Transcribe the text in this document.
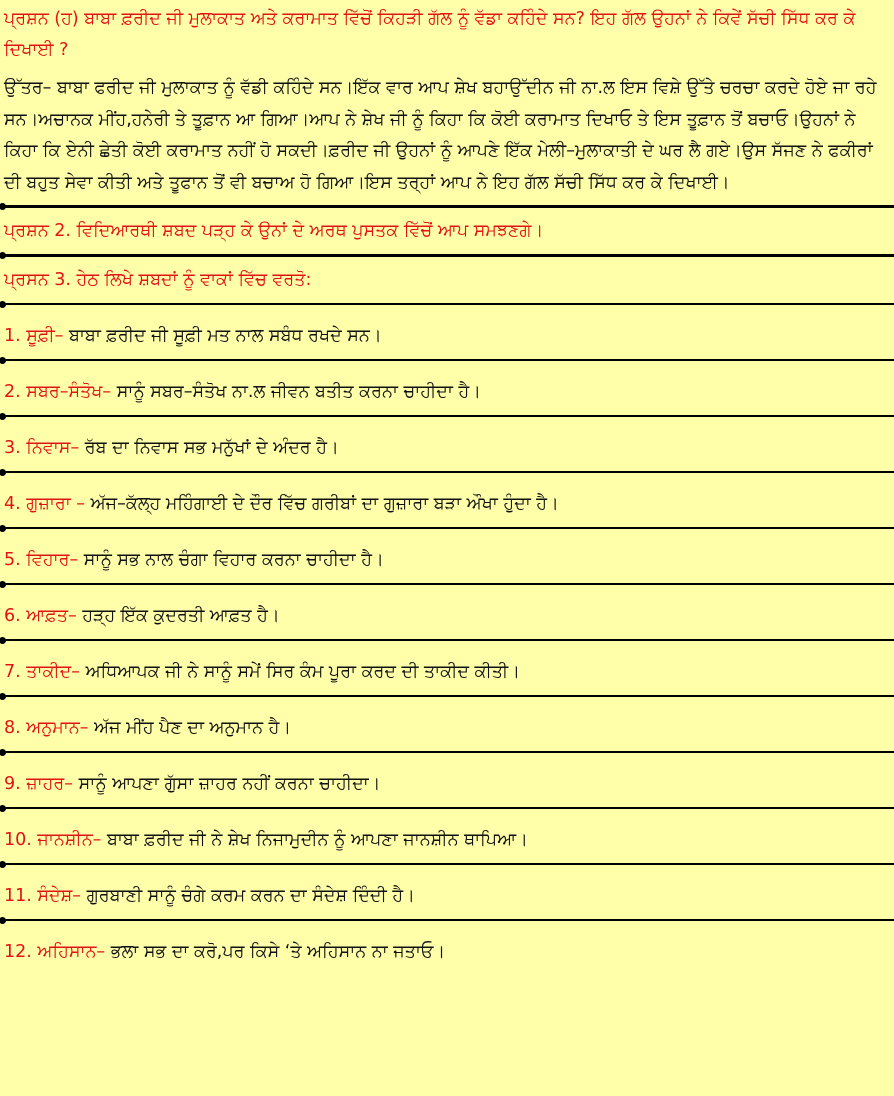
ਪ੍ਰਸ਼ਨ (ਹ) ਬਾਬਾ ਫ਼ਰੀਦ ਜੀ ਮੁਲਾਕਾਤ ਅਤੇ ਕਰਾਮਾਤ ਵਿੱਚੋਂ ਕਿਹੜੀ ਗੱਲ ਨੂੰ ਵੱਡਾ ਕਹਿੰਦੇ ਸਨ? ਇਹ ਗੱਲ ਉਹਨਾਂ ਨੇ ਕਿਵੇਂ ਸੱਚੀ ਸਿੱਧ ਕਰ ਕੇ ਦਿਖਾਈ ?
ਉੱਤਰ– ਬਾਬਾ ਫਰੀਦ ਜੀ ਮੁਲਾਕਾਤ ਨੂੰ ਵੱਡੀ ਕਹਿੰਦੇ ਸਨ।ਇੱਕ ਵਾਰ ਆਪ ਸ਼ੇਖ ਬਹਾਉੱਦੀਨ ਜੀ ਨਾ.ਲ ਇਸ ਵਿਸ਼ੇ ਉੱਤੇ ਚਰਚਾ ਕਰਦੇ ਹੋਏ ਜਾ ਰਹੇ ਸਨ।ਅਚਾਨਕ ਮੀਂਹ,ਹਨੇਰੀ ਤੇ ਤੂਫ਼ਾਨ ਆ ਗਿਆ।ਆਪ ਨੇ ਸ਼ੇਖ ਜੀ ਨੂੰ ਕਿਹਾ ਕਿ ਕੋਈ ਕਰਾਮਾਤ ਦਿਖਾਓ ਤੇ ਇਸ ਤੂਫ਼ਾਨ ਤੋਂ ਬਚਾਓ।ਉਹਨਾਂ ਨੇ ਕਿਹਾ ਕਿ ਏਨੀ ਛੇਤੀ ਕੋਈ ਕਰਾਮਾਤ ਨਹੀਂ ਹੋ ਸਕਦੀ।ਫ਼ਰੀਦ ਜੀ ਉਹਨਾਂ ਨੂੰ ਆਪਣੇ ਇੱਕ ਮੇਲੀ–ਮੁਲਾਕਾਤੀ ਦੇ ਘਰ ਲੈ ਗਏ।ਉਸ ਸੱਜਣ ਨੇ ਫਕੀਰਾਂ ਦੀ ਬਹੁਤ ਸੇਵਾ ਕੀਤੀ ਅਤੇ ਤੂਫਾਨ ਤੋਂ ਵੀ ਬਚਾਅ ਹੋ ਗਿਆ।ਇਸ ਤਰ੍ਹਾਂ ਆਪ ਨੇ ਇਹ ਗੱਲ ਸੱਚੀ ਸਿੱਧ ਕਰ ਕੇ ਦਿਖਾਈ।
ਪ੍ਰਸ਼ਨ 2. ਵਿਦਿਆਰਥੀ ਸ਼ਬਦ ਪੜ੍ਹ ਕੇ ਉਨਾਂ ਦੇ ਅਰਥ ਪੁਸਤਕ ਵਿੱਚੋਂ ਆਪ ਸਮਝਣਗੇ।
ਪ੍ਰਸਨ 3. ਹੇਠ ਲਿਖੇ ਸ਼ਬਦਾਂ ਨੂੰ ਵਾਕਾਂ ਵਿੱਚ ਵਰਤੋ:
1. ਸੂਫ਼ੀ– ਬਾਬਾ ਫ਼ਰੀਦ ਜੀ ਸੂਫ਼ੀ ਮਤ ਨਾਲ ਸਬੰਧ ਰਖਦੇ ਸਨ।
2. ਸਬਰ–ਸੰਤੋਖ– ਸਾਨੂੰ ਸਬਰ–ਸੰਤੋਖ ਨਾ.ਲ ਜੀਵਨ ਬਤੀਤ ਕਰਨਾ ਚਾਹੀਦਾ ਹੈ।
3. ਨਿਵਾਸ– ਰੱਬ ਦਾ ਨਿਵਾਸ ਸਭ ਮਨੁੱਖਾਂ ਦੇ ਅੰਦਰ ਹੈ।
4. ਗੁਜ਼ਾਰਾ – ਅੱਜ–ਕੱਲ੍ਹ ਮਹਿੰਗਾਈ ਦੇ ਦੌਰ ਵਿੱਚ ਗਰੀਬਾਂ ਦਾ ਗੁਜ਼ਾਰਾ ਬੜਾ ਔਖਾ ਹੁੰਦਾ ਹੈ।
5. ਵਿਹਾਰ– ਸਾਨੂੰ ਸਭ ਨਾਲ ਚੰਗਾ ਵਿਹਾਰ ਕਰਨਾ ਚਾਹੀਦਾ ਹੈ।
6. ਆਫ਼ਤ– ਹੜ੍ਹ ਇੱਕ ਕੁਦਰਤੀ ਆਫ਼ਤ ਹੈ।
7. ਤਾਕੀਦ– ਅਧਿਆਪਕ ਜੀ ਨੇ ਸਾਨੂੰ ਸਮੇਂ ਸਿਰ ਕੰਮ ਪੂਰਾ ਕਰਦ ਦੀ ਤਾਕੀਦ ਕੀਤੀ।
8. ਅਨੁਮਾਨ– ਅੱਜ ਮੀਂਹ ਪੈਣ ਦਾ ਅਨੁਮਾਨ ਹੈ।
9. ਜ਼ਾਹਰ– ਸਾਨੂੰ ਆਪਣਾ ਗੁੱਸਾ ਜ਼ਾਹਰ ਨਹੀਂ ਕਰਨਾ ਚਾਹੀਦਾ।
10. ਜਾਨਸ਼ੀਨ– ਬਾਬਾ ਫ਼ਰੀਦ ਜੀ ਨੇ ਸ਼ੇਖ ਨਿਜਾਮੁਦੀਨ ਨੂੰ ਆਪਣਾ ਜਾਨਸ਼ੀਨ ਥਾਪਿਆ।
11. ਸੰਦੇਸ਼– ਗੁਰਬਾਣੀ ਸਾਨੂੰ ਚੰਗੇ ਕਰਮ ਕਰਨ ਦਾ ਸੰਦੇਸ਼ ਦਿੰਦੀ ਹੈ।
12. ਅਹਿਸਾਨ– ਭਲਾ ਸਭ ਦਾ ਕਰੋ,ਪਰ ਕਿਸੇ ‘ਤੇ ਅਹਿਸਾਨ ਨਾ ਜਤਾਓ।
